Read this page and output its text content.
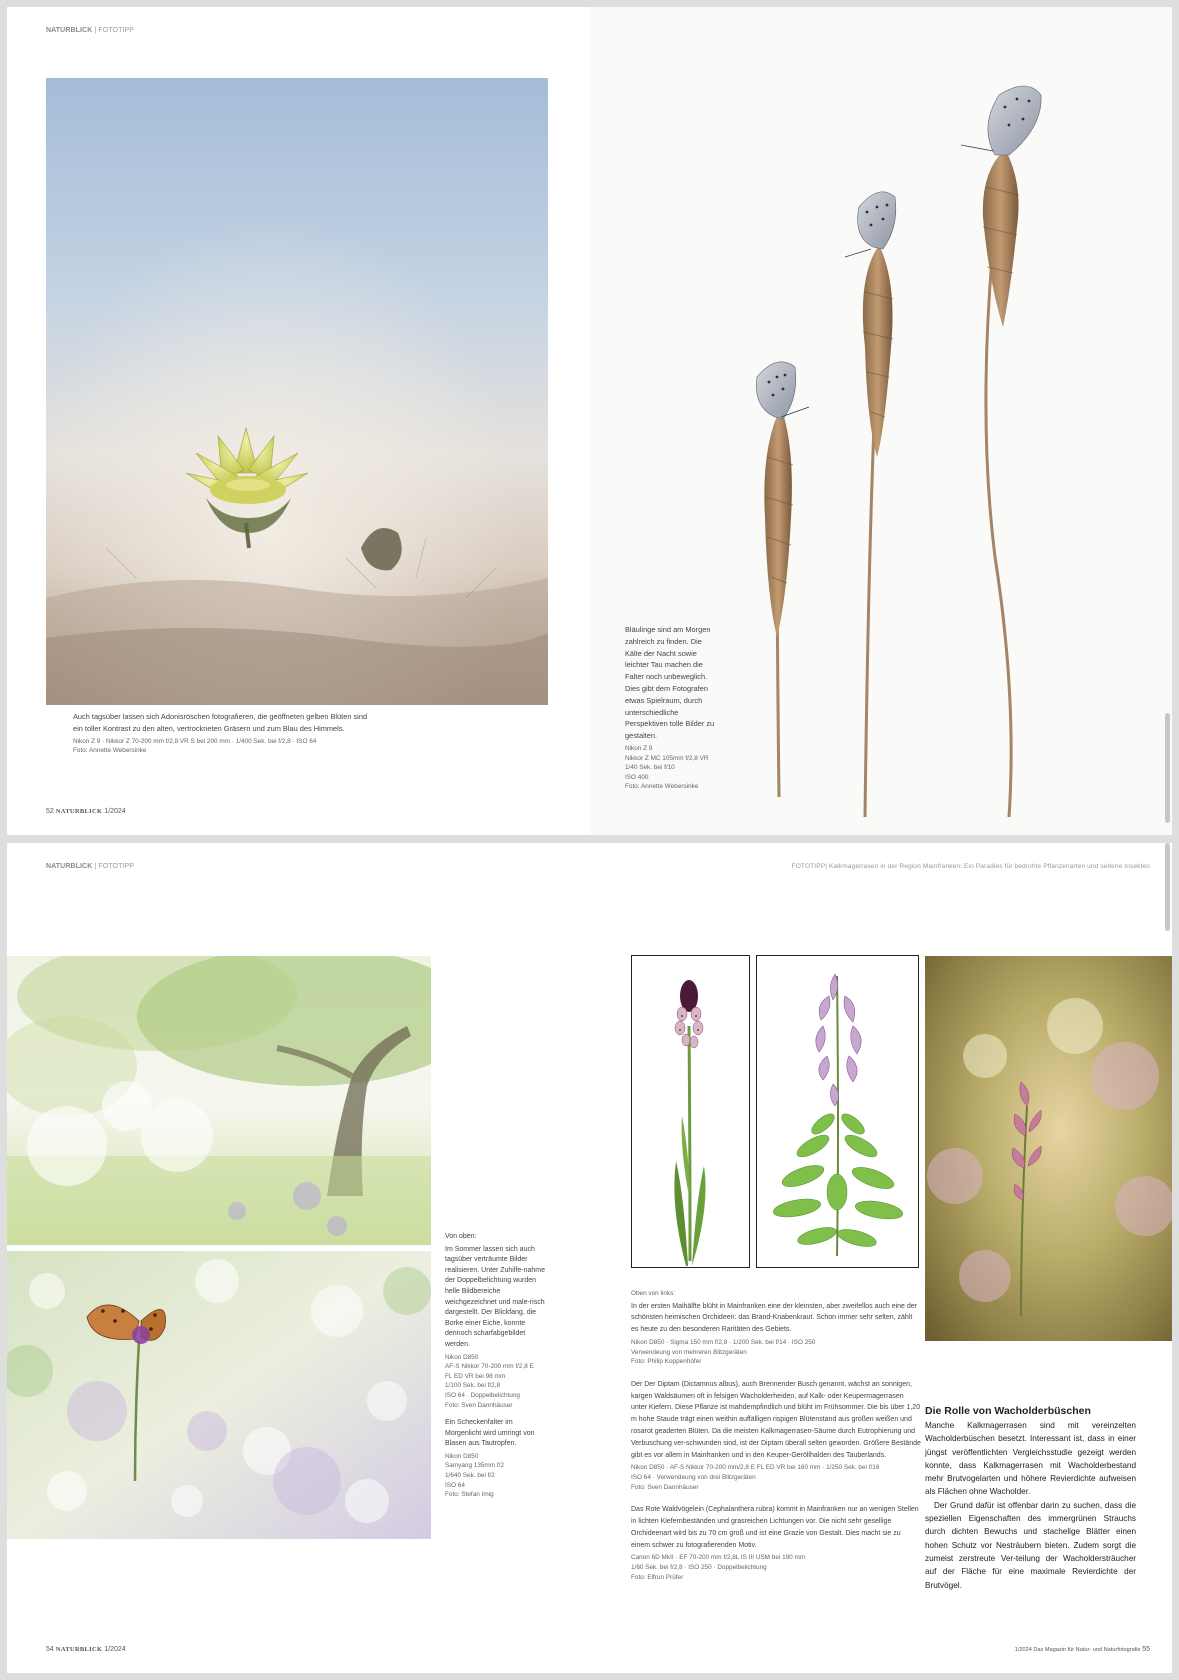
NATURBLICK | FOTOTIPP

Auch tagsüber lassen sich Adonisröschen fotografieren, die geöffneten gelben Blüten sind ein toller Kontrast zu den alten, vertrockneten Gräsern und zum Blau des Himmels.

Nikon Z 9 · Nikkor Z 70-200 mm f/2,8 VR S bei 200 mm · 1/400 Sek. bei f/2,8 · ISO 64

Foto: Annette Webersinke

52 NATURBLICK 1/2024

Bläulinge sind am Morgen zahlreich zu finden. Die Kälte der Nacht sowie leichter Tau machen die Falter noch unbeweglich. Dies gibt dem Fotografen etwas Spielraum, durch unterschiedliche Perspektiven tolle Bilder zu gestalten.

Nikon Z 9
Nikkor Z MC 105mm f/2,8 VR
1/40 Sek. bei f/10
ISO 400
Foto: Annette Webersinke
NATURBLICK | FOTOTIPP	FOTOTIPP| Kalkmagerrasen in der Region Mainfranken: Ein Paradies für bedrohte Pflanzenarten und seltene Insekten

Von oben:

Im Sommer lassen sich auch tagsüber verträumte Bilder realisieren. Unter Zuhilfe-nahme der Doppelbelichtung wurden helle Bildbereiche weichgezeichnet und male-risch dargestellt. Der Blickfang, die Borke einer Eiche, konnte dennoch scharfabgebildet werden.

Nikon D850
AF-S Nikkor 70-200 mm f/2,8 E
FL ED VR bei 98 mm
1/100 Sek. bei f/2,8
ISO 64 · Doppelbelichtung
Foto: Sven Dannhäuser

Ein Scheckenfalter im Morgenlicht wird umringt von Blasen aus Tautropfen.

Nikon D850
Samyang 135mm f/2
1/640 Sek. bei f/2
ISO 64
Foto: Stefan Imig

Oben von links:

In der ersten Maihälfte blüht in Mainfranken eine der kleinsten, aber zweifellos auch eine der schönsten heimischen Orchideen: das Brand-Knabenkraut. Schon immer sehr selten, zählt es heute zu den besonderen Raritäten des Gebiets.

Nikon D850 · Sigma 150 mm f/2,8 · 1/200 Sek. bei f/14 · ISO 250
Verwendeung von mehreren Blitzgeräten
Foto: Philip Koppenhöfer

Der Der Diptam (Dictamnus albus), auch Brennender Busch genannt, wächst an sonnigen, kargen Waldsäumen oft in felsigen Wacholderheiden, auf Kalk- oder Keupermagerrasen unter Kiefern. Diese Pflanze ist mahdempfindlich und blüht im Frühsommer. Die bis über 1,20 m hohe Staude trägt einen weithin auffälligen rispigen Blütenstand aus großen weißen und rosarot geaderten Blüten. Da die meisten Kalkmagerrasen-Säume durch Eutrophierung und Verbuschung ver-schwunden sind, ist der Diptam überall selten geworden. Größere Bestände gibt es vor allem in Mainfranken und in den Keuper-Geröllhalden des Tauberlands.

Nikon D850 · AF-S Nikkor 70-200 mm/2,8 E FL ED VR bei 160 mm · 1/250 Sek. bei f/16
ISO 64 · Verwendeung von drei Blitzgeräten
Foto: Sven Dannhäuser

Das Rote Waldvögelein (Cephalanthera rubra) kommt in Mainfranken nur an wenigen Stellen in lichten Kiefernbeständen und grasreichen Lichtungen vor. Die nicht sehr gesellige Orchideenart wird bis zu 70 cm groß und ist eine Grazie von Gestalt. Dies macht sie zu einem schwer zu fotografierenden Motiv.

Canon 6D MkII · EF 70-200 mm f/2,8L IS III USM bei 190 mm
1/60 Sek. bei f/2,8 · ISO 250 · Doppelbelichtung
Foto: Elfrun Prüfer
Die Rolle von Wacholderbüschen

Manche Kalkmagerrasen sind mit vereinzelten Wacholderbüschen besetzt. Interessant ist, dass in einer jüngst veröffentlichten Vergleichsstudie gezeigt werden konnte, dass Kalkmagerrasen mit Wacholderbestand mehr Brutvogelarten und höhere Revierdichte aufweisen als Flächen ohne Wacholder.

Der Grund dafür ist offenbar darin zu suchen, dass die speziellen Eigenschaften des immergrünen Strauchs durch dichten Bewuchs und stachelige Blätter einen hohen Schutz vor Nesträubern bieten. Zudem sorgt die zumeist zerstreute Ver-teilung der Wacholdersträucher auf der Fläche für eine maximale Revierdichte der Brutvögel.

54 NATURBLICK 1/2024	1/2024 Das Magazin für Natur- und Naturfotografie 55
